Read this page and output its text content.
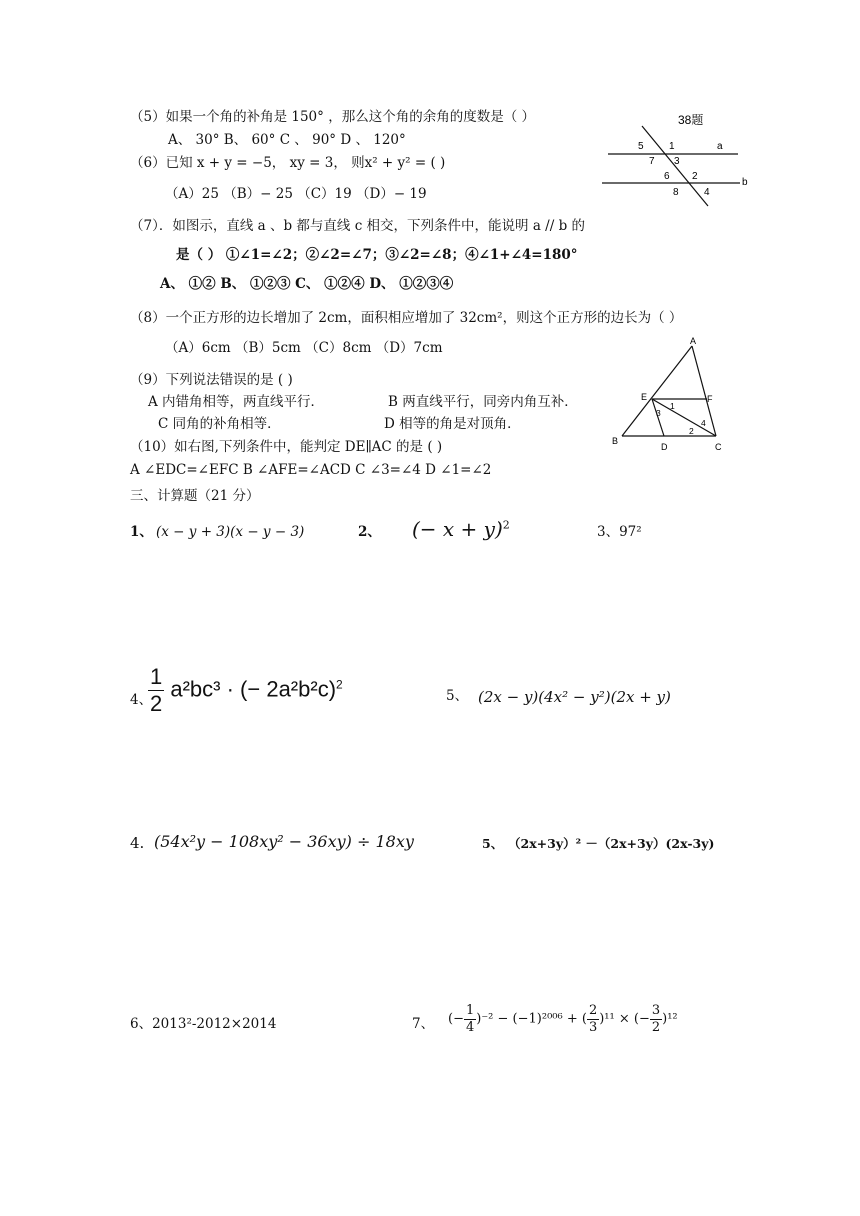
（5）如果一个角的补角是 150° ，那么这个角的余角的度数是（ ）
A、 30° B、 60° C 、 90° D 、 120°
（6）已知 x + y = −5， xy = 3， 则x² + y² = ( )
（A）25 （B）− 25 （C）19 （D）− 19
（7）．如图示，直线 a 、b 都与直线 c 相交，下列条件中，能说明 a // b 的
是（ ） ①∠1=∠2；②∠2=∠7；③∠2=∠8；④∠1+∠4=180°
A、 ①② B、 ①②③ C、 ①②④ D、 ①②③④
（8）一个正方形的边长增加了 2cm，面积相应增加了 32cm²，则这个正方形的边长为（ ）
（A）6cm （B）5cm （C）8cm （D）7cm
（9）下列说法错误的是 ( )
A 内错角相等，两直线平行．	B 两直线平行，同旁内角互补．
C 同角的补角相等．	D 相等的角是对顶角．
（10）如右图,下列条件中，能判定 DE∥AC 的是 ( )
A ∠EDC=∠EFC B ∠AFE=∠ACD C ∠3=∠4 D ∠1=∠2
三、计算题（21 分）
1、 (x − y + 3)(x − y − 3)	2、 (− x + y)$^2$	3、97²
4、
$\frac{1}{2} a^2bc^3$ · (− 2a²b²c)$^2$
5、 (2x − y)(4x² − y²)(2x + y)
4. (54x²y − 108xy² − 36xy) ÷ 18xy	5、 （2x+3y）² －（2x+3y）(2x-3y)
6、2013²-2012×2014	7、 (− $\frac{1}{4} )^{-2} - (-1)^{2006}$ + ( $\frac{2}{3} )^{11}$ × (− $\frac{3}{2} )^{12}$
38题
5	1	a
7 3
6 2
b
8	4
A
E	F
3
1
4
2
B
D	C
